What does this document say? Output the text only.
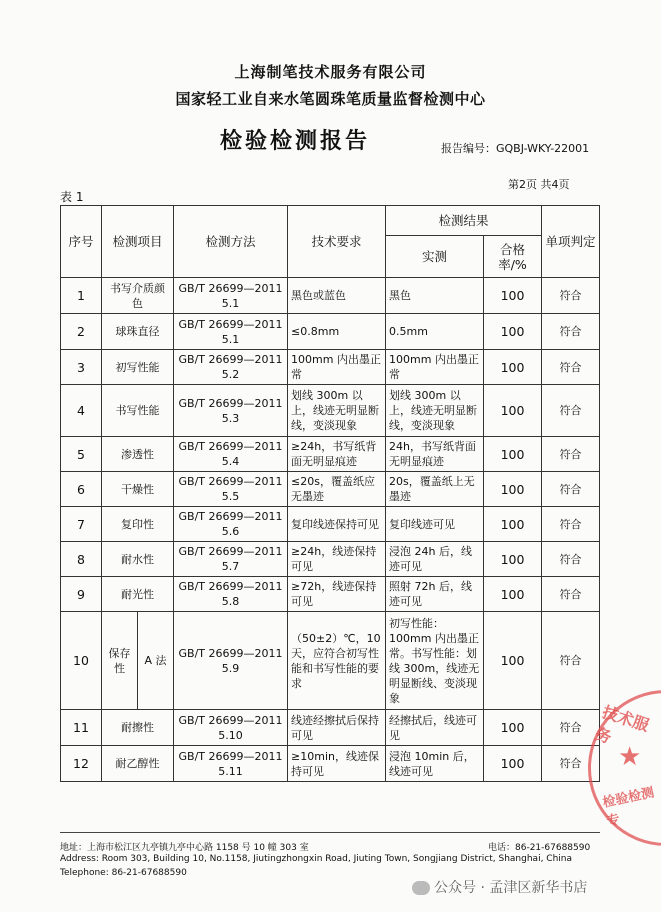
上海制笔技术服务有限公司
国家轻工业自来水笔圆珠笔质量监督检测中心
检验检测报告	报告编号：GQBJ-WKY-22001
第2页 共4页
表 1
序号	检测项目		检测方法	技术要求	检测结果		单项判定
					实测	合格率/%	
1	书写介质颜色		GB/T 26699—2011 5.1	黑色或蓝色	黑色	100	符合
2	球珠直径		GB/T 26699—2011 5.1	≤0.8mm	0.5mm	100	符合
3	初写性能		GB/T 26699—2011 5.2	100mm 内出墨正常	100mm 内出墨正常	100	符合
4	书写性能		GB/T 26699—2011 5.3	划线 300m 以上，线迹无明显断线，变淡现象	划线 300m 以上，线迹无明显断线，变淡现象	100	符合
5	渗透性		GB/T 26699—2011 5.4	≥24h，书写纸背面无明显痕迹	24h，书写纸背面无明显痕迹	100	符合
6	干燥性		GB/T 26699—2011 5.5	≤20s，覆盖纸应无墨迹	20s，覆盖纸上无墨迹	100	符合
7	复印性		GB/T 26699—2011 5.6	复印线迹保持可见	复印线迹可见	100	符合
8	耐水性		GB/T 26699—2011 5.7	≥24h，线迹保持可见	浸泡 24h 后，线迹可见	100	符合
9	耐光性		GB/T 26699—2011 5.8	≥72h，线迹保持可见	照射 72h 后，线迹可见	100	符合
10	保存性	A 法	GB/T 26699—2011 5.9	（50±2）℃，10天，应符合初写性能和书写性能的要求	初写性能：100mm 内出墨正常。书写性能：划线 300m，线迹无明显断线、变淡现象	100	符合
11	耐擦性		GB/T 26699—2011 5.10	线迹经擦拭后保持可见	经擦拭后，线迹可见	100	符合
12	耐乙醇性		GB/T 26699—2011 5.11	≥10min，线迹保持可见	浸泡 10min 后，线迹可见	100	符合
地址：上海市松江区九亭镇九亭中心路 1158 号 10 幢 303 室	电话：86-21-67688590
Address: Room 303, Building 10, No.1158, Jiutingzhongxin Road, Jiuting Town, Songjiang District, Shanghai, China
Telephone: 86-21-67688590
技术服务
★
检验检测专
公众号 · 孟津区新华书店
